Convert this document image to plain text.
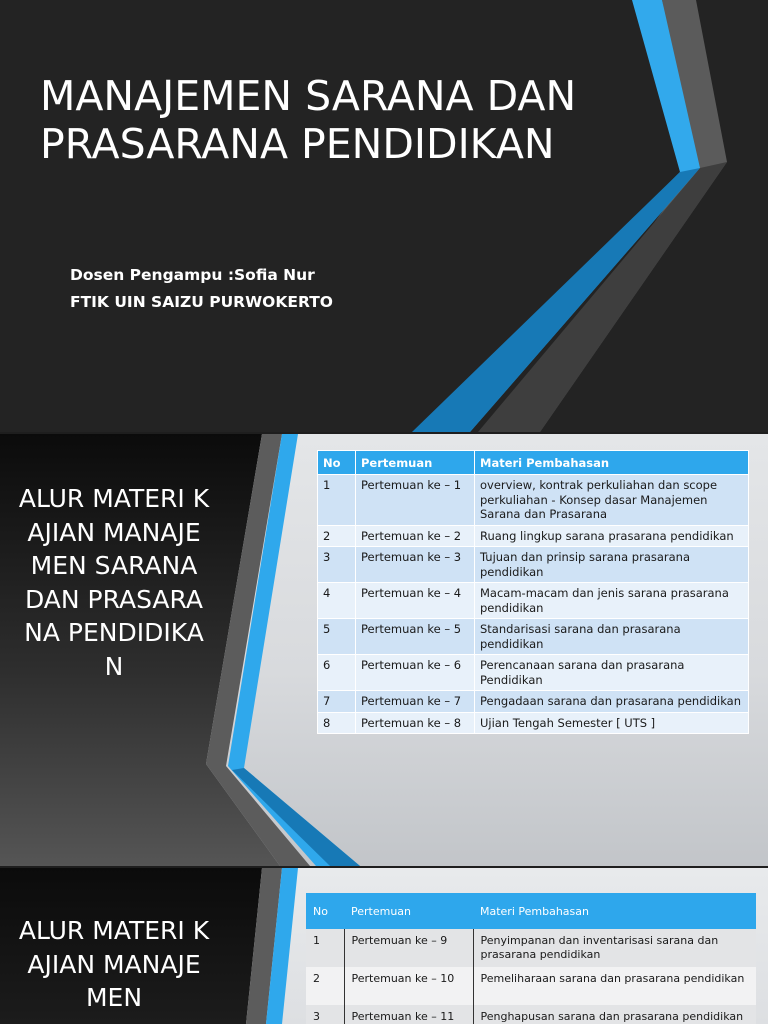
MANAJEMEN SARANA DAN PRASARANA PENDIDIKAN
Dosen Pengampu :Sofia Nur
FTIK UIN SAIZU PURWOKERTO
ALUR MATERI KAJIAN MANAJEMEN SARANA DAN PRASARANA PENDIDIKAN
No	Pertemuan	Materi Pembahasan
1	Pertemuan ke – 1	overview, kontrak perkuliahan dan scope perkuliahan - Konsep dasar Manajemen Sarana dan Prasarana
2	Pertemuan ke – 2	Ruang lingkup sarana prasarana pendidikan
3	Pertemuan ke – 3	Tujuan dan prinsip sarana prasarana pendidikan
4	Pertemuan ke – 4	Macam-macam dan jenis sarana prasarana pendidikan
5	Pertemuan ke – 5	Standarisasi sarana dan prasarana pendidikan
6	Pertemuan ke – 6	Perencanaan sarana dan prasarana Pendidikan
7	Pertemuan ke – 7	Pengadaan sarana dan prasarana pendidikan
8	Pertemuan ke – 8	Ujian Tengah Semester [ UTS ]
ALUR MATERI KAJIAN MANAJEMEN
No	Pertemuan	Materi Pembahasan
1	Pertemuan ke – 9	Penyimpanan dan inventarisasi sarana dan prasarana pendidikan
2	Pertemuan ke – 10	Pemeliharaan sarana dan prasarana pendidikan
3	Pertemuan ke – 11	Penghapusan sarana dan prasarana pendidikan
